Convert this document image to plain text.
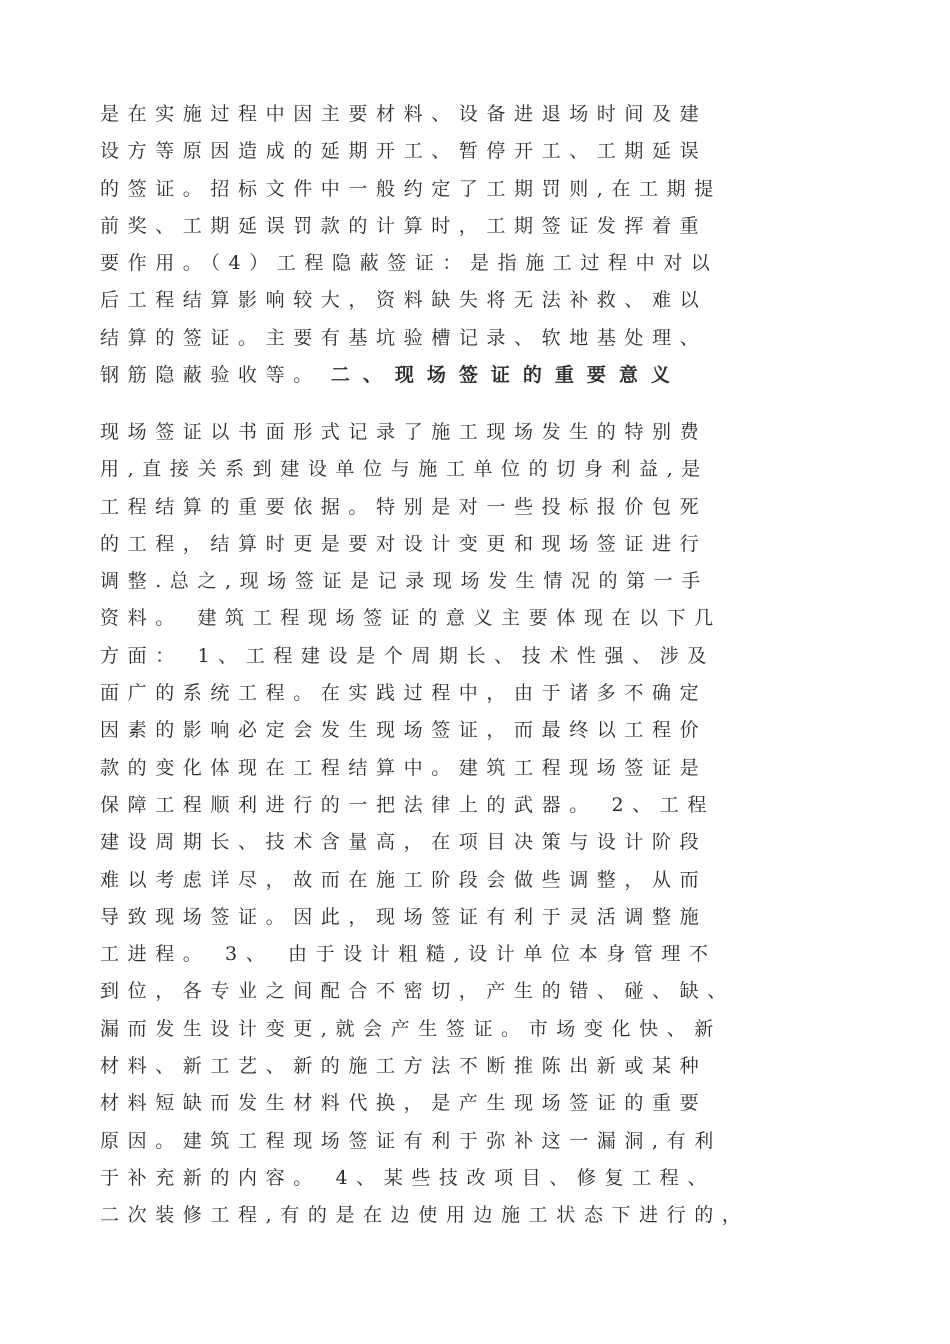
是在实施过程中因主要材料、设备进退场时间及建
设方等原因造成的延期开工、暂停开工、工期延误
的签证。招标文件中一般约定了工期罚则,在工期提
前奖、工期延误罚款的计算时，工期签证发挥着重
要作用。（4）工程隐蔽签证：是指施工过程中对以
后工程结算影响较大，资料缺失将无法补救、难以
结算的签证。主要有基坑验槽记录、软地基处理、
钢筋隐蔽验收等。 二、现场签证的重要意义
现场签证以书面形式记录了施工现场发生的特别费
用,直接关系到建设单位与施工单位的切身利益,是
工程结算的重要依据。特别是对一些投标报价包死
的工程，结算时更是要对设计变更和现场签证进行
调整.总之,现场签证是记录现场发生情况的第一手
资料。 建筑工程现场签证的意义主要体现在以下几
方面： 1、工程建设是个周期长、技术性强、涉及
面广的系统工程。在实践过程中，由于诸多不确定
因素的影响必定会发生现场签证，而最终以工程价
款的变化体现在工程结算中。建筑工程现场签证是
保障工程顺利进行的一把法律上的武器。 2、工程
建设周期长、技术含量高，在项目决策与设计阶段
难以考虑详尽，故而在施工阶段会做些调整，从而
导致现场签证。因此，现场签证有利于灵活调整施
工进程。 3、 由于设计粗糙,设计单位本身管理不
到位，各专业之间配合不密切，产生的错、碰、缺、
漏而发生设计变更,就会产生签证。市场变化快、新
材料、新工艺、新的施工方法不断推陈出新或某种
材料短缺而发生材料代换，是产生现场签证的重要
原因。建筑工程现场签证有利于弥补这一漏洞,有利
于补充新的内容。 4、某些技改项目、修复工程、
二次装修工程,有的是在边使用边施工状态下进行的，
